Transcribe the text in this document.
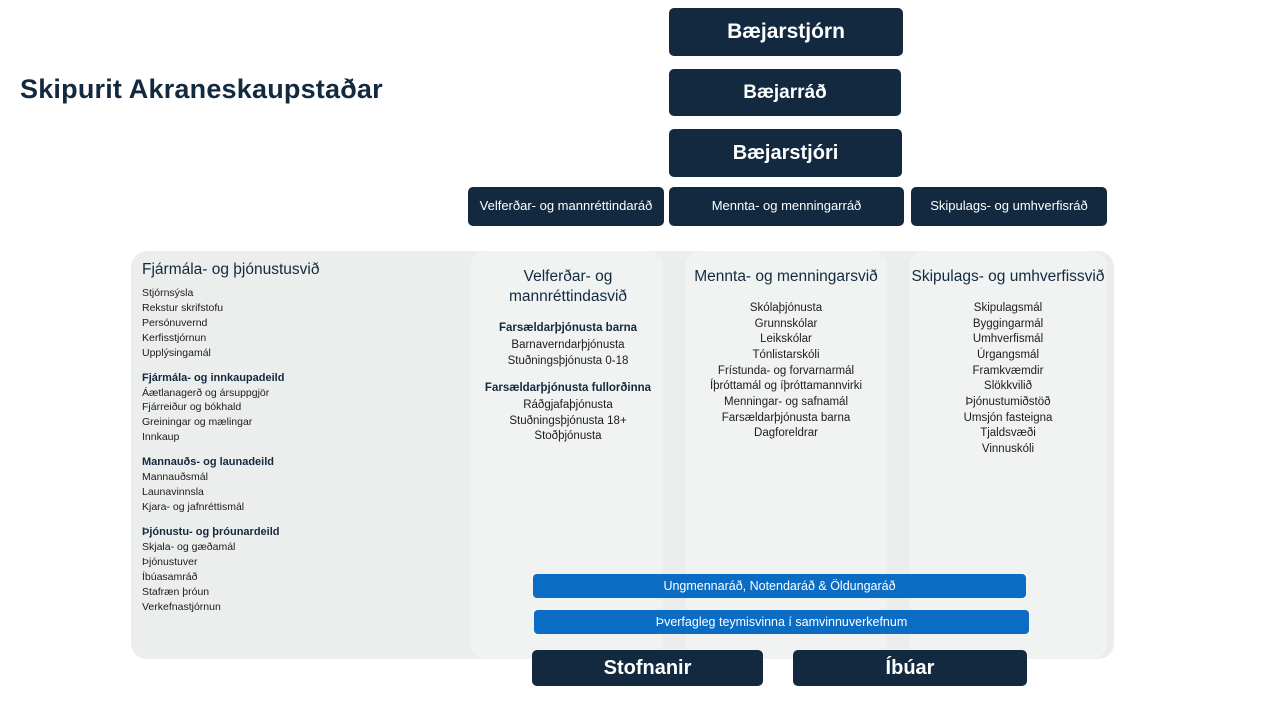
Skipurit Akraneskaupstaðar
Bæjarstjórn
Bæjarráð
Bæjarstjóri
Velferðar- og mannréttindaráð	Mennta- og menningarráð	Skipulags- og umhverfisráð
Fjármála- og þjónustusvið
Stjórnsýsla
Rekstur skrifstofu
Persónuvernd
Kerfisstjórnun
Upplýsingamál
Fjármála- og innkaupadeild
Áætlanagerð og ársuppgjör
Fjárreiður og bókhald
Greiningar og mælingar
Innkaup
Mannauðs- og launadeild
Mannauðsmál
Launavinnsla
Kjara- og jafnréttismál
Þjónustu- og þróunardeild
Skjala- og gæðamál
Þjónustuver
Íbúasamráð
Stafræn þróun
Verkefnastjórnun
Velferðar- og mannréttindasvið
Farsældarþjónusta barna
Barnaverndarþjónusta
Stuðningsþjónusta 0-18
Farsældarþjónusta fullorðinna
Ráðgjafaþjónusta
Stuðningsþjónusta 18+
Stoðþjónusta
Mennta- og menningarsvið
Skólaþjónusta
Grunnskólar
Leikskólar
Tónlistarskóli
Frístunda- og forvarnarmál
Íþróttamál og íþróttamannvirki
Menningar- og safnamál
Farsældarþjónusta barna
Dagforeldrar
Skipulags- og umhverfissvið
Skipulagsmál
Byggingarmál
Umhverfismál
Úrgangsmál
Framkvæmdir
Slökkvilið
Þjónustumiðstöð
Umsjón fasteigna
Tjaldsvæði
Vinnuskóli
Ungmennaráð, Notendaráð & Öldungaráð
Þverfagleg teymisvinna í samvinnuverkefnum
Stofnanir	Íbúar
